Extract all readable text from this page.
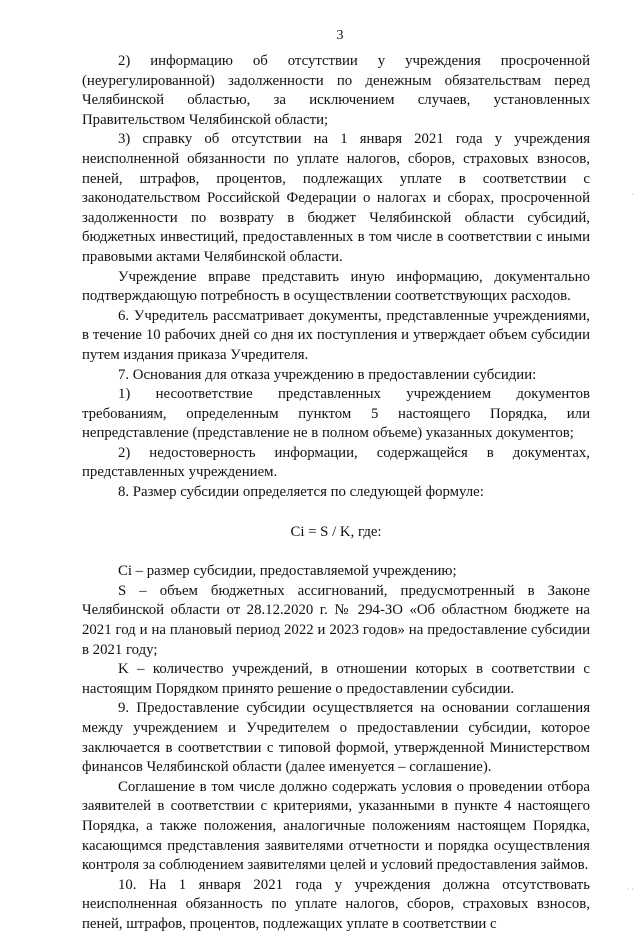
3

2) информацию об отсутствии у учреждения просроченной (неурегулированной) задолженности по денежным обязательствам перед Челябинской областью, за исключением случаев, установленных Правительством Челябинской области;

3) справку об отсутствии на 1 января 2021 года у учреждения неисполненной обязанности по уплате налогов, сборов, страховых взносов, пеней, штрафов, процентов, подлежащих уплате в соответствии с законодательством Российской Федерации о налогах и сборах, просроченной задолженности по возврату в бюджет Челябинской области субсидий, бюджетных инвестиций, предоставленных в том числе в соответствии с иными правовыми актами Челябинской области.

Учреждение вправе представить иную информацию, документально подтверждающую потребность в осуществлении соответствующих расходов.

6. Учредитель рассматривает документы, представленные учреждениями, в течение 10 рабочих дней со дня их поступления и утверждает объем субсидии путем издания приказа Учредителя.

7. Основания для отказа учреждению в предоставлении субсидии:

1) несоответствие представленных учреждением документов требованиям, определенным пунктом 5 настоящего Порядка, или непредставление (представление не в полном объеме) указанных документов;

2) недостоверность информации, содержащейся в документах, представленных учреждением.

8. Размер субсидии определяется по следующей формуле:

Ci = S / K, где:

Ci – размер субсидии, предоставляемой учреждению;

S – объем бюджетных ассигнований, предусмотренный в Законе Челябинской области от 28.12.2020 г. № 294-ЗО «Об областном бюджете на 2021 год и на плановый период 2022 и 2023 годов» на предоставление субсидии в 2021 году;

K – количество учреждений, в отношении которых в соответствии с настоящим Порядком принято решение о предоставлении субсидии.

9. Предоставление субсидии осуществляется на основании соглашения между учреждением и Учредителем о предоставлении субсидии, которое заключается в соответствии с типовой формой, утвержденной Министерством финансов Челябинской области (далее именуется – соглашение).

Соглашение в том числе должно содержать условия о проведении отбора заявителей в соответствии с критериями, указанными в пункте 4 настоящего Порядка, а также положения, аналогичные положениям настоящем Порядка, касающимся представления заявителями отчетности и порядка осуществления контроля за соблюдением заявителями целей и условий предоставления займов.

10. На 1 января 2021 года у учреждения должна отсутствовать неисполненная обязанность по уплате налогов, сборов, страховых взносов, пеней, штрафов, процентов, подлежащих уплате в соответствии с

·
· ·
